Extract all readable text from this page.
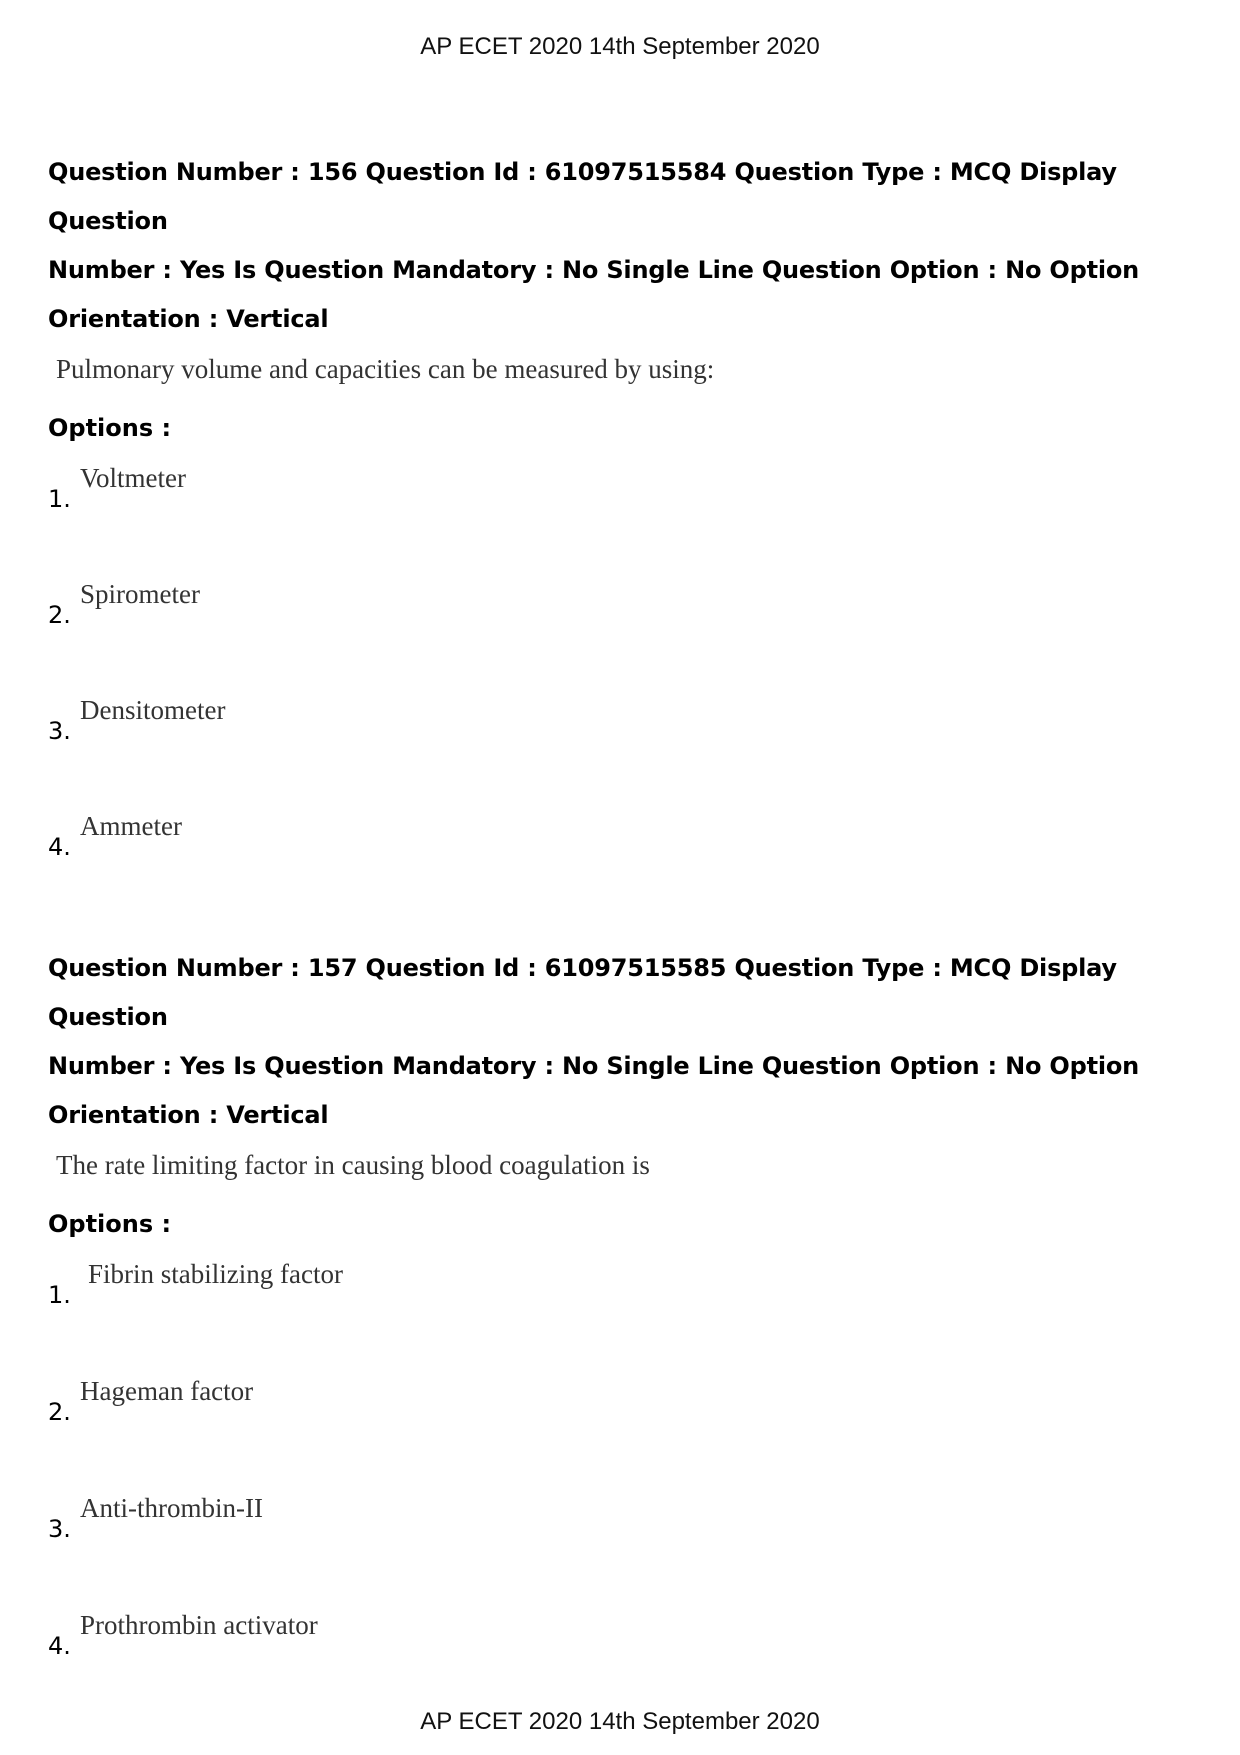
AP ECET 2020 14th September 2020

Question Number : 156 Question Id : 61097515584 Question Type : MCQ Display Question

Number : Yes Is Question Mandatory : No Single Line Question Option : No Option

Orientation : Vertical

Pulmonary volume and capacities can be measured by using:
Options :
1.
Voltmeter
2.
Spirometer
3.
Densitometer
4.
Ammeter

Question Number : 157 Question Id : 61097515585 Question Type : MCQ Display Question

Number : Yes Is Question Mandatory : No Single Line Question Option : No Option

Orientation : Vertical

The rate limiting factor in causing blood coagulation is
Options :
1.
Fibrin stabilizing factor
2.
Hageman factor
3.
Anti-thrombin-II
4.
Prothrombin activator
AP ECET 2020 14th September 2020
